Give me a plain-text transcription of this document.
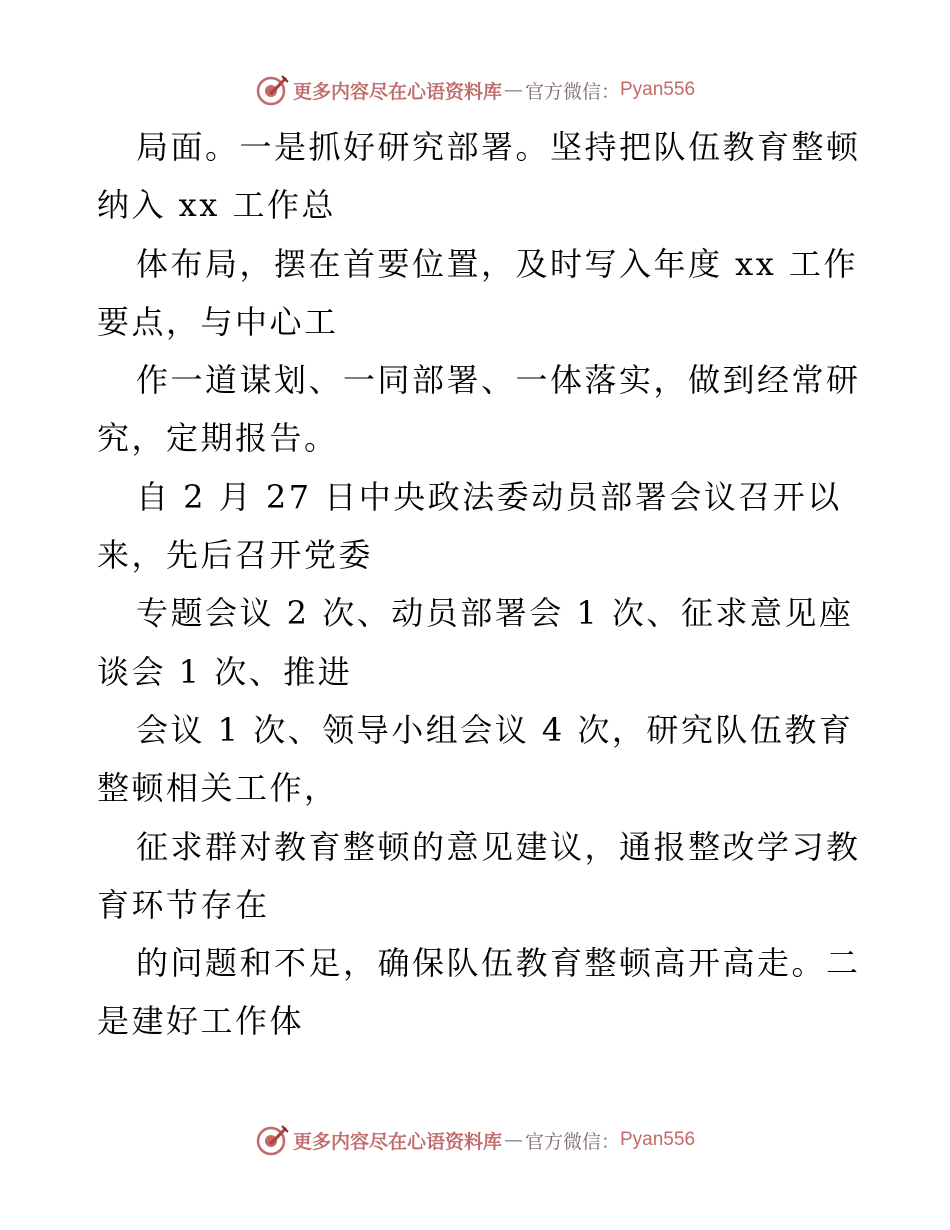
更多内容尽在心语资料库 — 官方微信： Pyan556
局面。一是抓好研究部署。坚持把队伍教育整顿
纳入 xx 工作总
体布局，摆在首要位置，及时写入年度 xx 工作
要点，与中心工
作一道谋划、一同部署、一体落实，做到经常研
究，定期报告。
自 2 月 27 日中央政法委动员部署会议召开以
来，先后召开党委
专题会议 2 次、动员部署会 1 次、征求意见座
谈会 1 次、推进
会议 1 次、领导小组会议 4 次，研究队伍教育
整顿相关工作，
征求群对教育整顿的意见建议，通报整改学习教
育环节存在
的问题和不足，确保队伍教育整顿高开高走。二
是建好工作体
更多内容尽在心语资料库 — 官方微信： Pyan556
